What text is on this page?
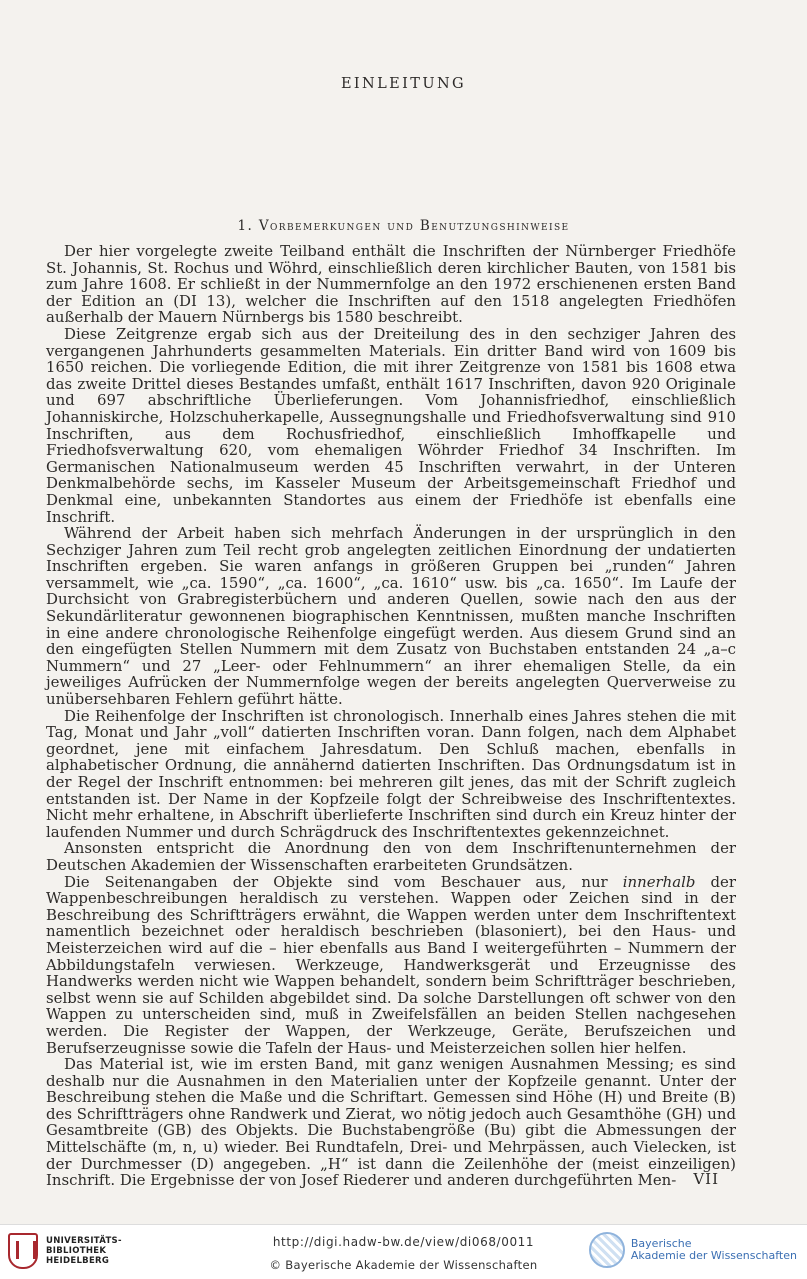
EINLEITUNG
1. Vorbemerkungen und Benutzungshinweise

Der hier vorgelegte zweite Teilband enthält die Inschriften der Nürnberger Friedhöfe St. Johannis, St. Rochus und Wöhrd, einschließlich deren kirchlicher Bauten, von 1581 bis zum Jahre 1608. Er schließt in der Nummernfolge an den 1972 erschienenen ersten Band der Edition an (DI 13), welcher die Inschriften auf den 1518 angelegten Friedhöfen außerhalb der Mauern Nürnbergs bis 1580 beschreibt.

Diese Zeitgrenze ergab sich aus der Dreiteilung des in den sechziger Jahren des vergangenen Jahrhunderts gesammelten Materials. Ein dritter Band wird von 1609 bis 1650 reichen. Die vorliegende Edition, die mit ihrer Zeitgrenze von 1581 bis 1608 etwa das zweite Drittel dieses Bestandes umfaßt, enthält 1617 Inschriften, davon 920 Originale und 697 abschriftliche Überlieferungen. Vom Johannisfriedhof, einschließlich Johanniskirche, Holzschuherkapelle, Aussegnungshalle und Friedhofsverwaltung sind 910 Inschriften, aus dem Rochusfriedhof, einschließlich Imhoffkapelle und Friedhofsverwaltung 620, vom ehemaligen Wöhrder Friedhof 34 Inschriften. Im Germanischen Nationalmuseum werden 45 Inschriften verwahrt, in der Unteren Denkmalbehörde sechs, im Kasseler Museum der Arbeitsgemeinschaft Friedhof und Denkmal eine, unbekannten Standortes aus einem der Friedhöfe ist ebenfalls eine Inschrift.

Während der Arbeit haben sich mehrfach Änderungen in der ursprünglich in den Sechziger Jahren zum Teil recht grob angelegten zeitlichen Einordnung der undatierten Inschriften ergeben. Sie waren anfangs in größeren Gruppen bei „runden“ Jahren versammelt, wie „ca. 1590“, „ca. 1600“, „ca. 1610“ usw. bis „ca. 1650“. Im Laufe der Durchsicht von Grabregisterbüchern und anderen Quellen, sowie nach den aus der Sekundärliteratur gewonnenen biographischen Kenntnissen, mußten manche Inschriften in eine andere chronologische Reihenfolge eingefügt werden. Aus diesem Grund sind an den eingefügten Stellen Nummern mit dem Zusatz von Buchstaben entstanden 24 „a–c Nummern“ und 27 „Leer- oder Fehlnummern“ an ihrer ehemaligen Stelle, da ein jeweiliges Aufrücken der Nummernfolge wegen der bereits angelegten Querverweise zu unübersehbaren Fehlern geführt hätte.

Die Reihenfolge der Inschriften ist chronologisch. Innerhalb eines Jahres stehen die mit Tag, Monat und Jahr „voll“ datierten Inschriften voran. Dann folgen, nach dem Alphabet geordnet, jene mit einfachem Jahresdatum. Den Schluß machen, ebenfalls in alphabetischer Ordnung, die annähernd datierten Inschriften. Das Ordnungsdatum ist in der Regel der Inschrift entnommen: bei mehreren gilt jenes, das mit der Schrift zugleich entstanden ist. Der Name in der Kopfzeile folgt der Schreibweise des Inschriftentextes. Nicht mehr erhaltene, in Abschrift überlieferte Inschriften sind durch ein Kreuz hinter der laufenden Nummer und durch Schrägdruck des Inschriftentextes gekennzeichnet.

Ansonsten entspricht die Anordnung den von dem Inschriftenunternehmen der Deutschen Akademien der Wissenschaften erarbeiteten Grundsätzen.

Die Seitenangaben der Objekte sind vom Beschauer aus, nur innerhalb der Wappenbeschreibungen heraldisch zu verstehen. Wappen oder Zeichen sind in der Beschreibung des Schriftträgers erwähnt, die Wappen werden unter dem Inschriftentext namentlich bezeichnet oder heraldisch beschrieben (blasoniert), bei den Haus- und Meisterzeichen wird auf die – hier ebenfalls aus Band I weitergeführten – Nummern der Abbildungstafeln verwiesen. Werkzeuge, Handwerksgerät und Erzeugnisse des Handwerks werden nicht wie Wappen behandelt, sondern beim Schriftträger beschrieben, selbst wenn sie auf Schilden abgebildet sind. Da solche Darstellungen oft schwer von den Wappen zu unterscheiden sind, muß in Zweifelsfällen an beiden Stellen nachgesehen werden. Die Register der Wappen, der Werkzeuge, Geräte, Berufszeichen und Berufserzeugnisse sowie die Tafeln der Haus- und Meisterzeichen sollen hier helfen.

Das Material ist, wie im ersten Band, mit ganz wenigen Ausnahmen Messing; es sind deshalb nur die Ausnahmen in den Materialien unter der Kopfzeile genannt. Unter der Beschreibung stehen die Maße und die Schriftart. Gemessen sind Höhe (H) und Breite (B) des Schriftträgers ohne Randwerk und Zierat, wo nötig jedoch auch Gesamthöhe (GH) und Gesamtbreite (GB) des Objekts. Die Buchstabengröße (Bu) gibt die Abmessungen der Mittelschäfte (m, n, u) wieder. Bei Rundtafeln, Drei- und Mehrpässen, auch Vielecken, ist der Durchmesser (D) angegeben. „H“ ist dann die Zeilenhöhe der (meist einzeiligen) Inschrift. Die Ergebnisse der von Josef Riederer und anderen durchgeführten Men-	VII
UNIVERSITÄTS-
BIBLIOTHEK
HEIDELBERG
http://digi.hadw-bw.de/view/di068/0011
© Bayerische Akademie der Wissenschaften
Bayerische
Akademie der Wissenschaften
